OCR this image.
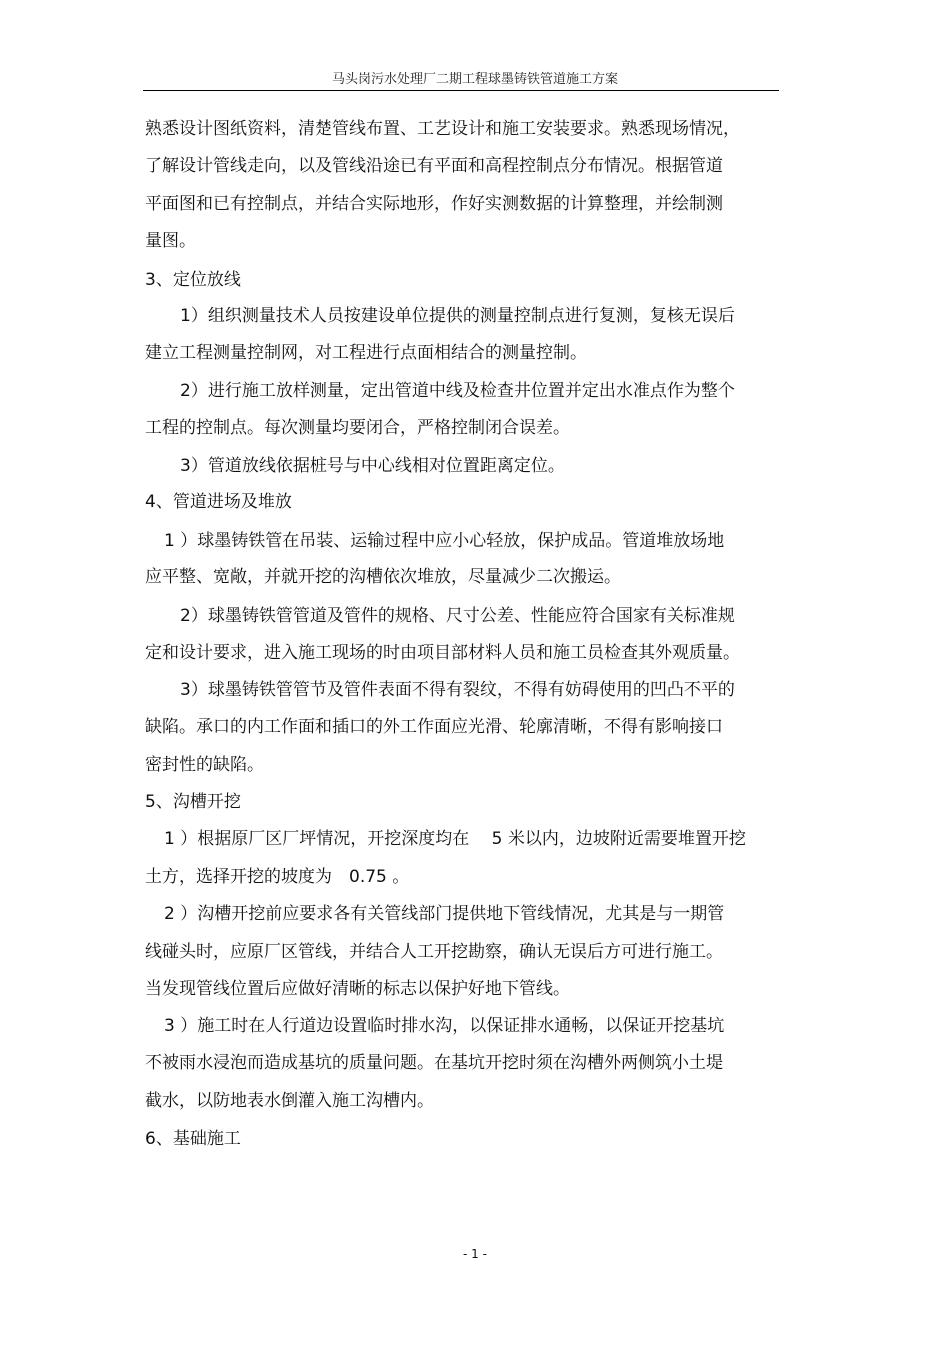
马头岗污水处理厂二期工程球墨铸铁管道施工方案
熟悉设计图纸资料，清楚管线布置、工艺设计和施工安装要求。熟悉现场情况，
了解设计管线走向，以及管线沿途已有平面和高程控制点分布情况。根据管道
平面图和已有控制点，并结合实际地形，作好实测数据的计算整理，并绘制测
量图。
3、定位放线
1）组织测量技术人员按建设单位提供的测量控制点进行复测，复核无误后
建立工程测量控制网，对工程进行点面相结合的测量控制。
2）进行施工放样测量，定出管道中线及检查井位置并定出水准点作为整个
工程的控制点。每次测量均要闭合，严格控制闭合误差。
3）管道放线依据桩号与中心线相对位置距离定位。
4、管道进场及堆放
1 ）球墨铸铁管在吊装、运输过程中应小心轻放，保护成品。管道堆放场地
应平整、宽敞，并就开挖的沟槽依次堆放，尽量减少二次搬运。
2）球墨铸铁管管道及管件的规格、尺寸公差、性能应符合国家有关标准规
定和设计要求，进入施工现场的时由项目部材料人员和施工员检查其外观质量。
3）球墨铸铁管管节及管件表面不得有裂纹，不得有妨碍使用的凹凸不平的
缺陷。承口的内工作面和插口的外工作面应光滑、轮廓清晰，不得有影响接口
密封性的缺陷。
5、沟槽开挖
1 ）根据原厂区厂坪情况，开挖深度均在　 5 米以内，边坡附近需要堆置开挖
土方，选择开挖的坡度为　0.75 。
2 ）沟槽开挖前应要求各有关管线部门提供地下管线情况，尤其是与一期管
线碰头时，应原厂区管线，并结合人工开挖勘察，确认无误后方可进行施工。
当发现管线位置后应做好清晰的标志以保护好地下管线。
3 ）施工时在人行道边设置临时排水沟，以保证排水通畅，以保证开挖基坑
不被雨水浸泡而造成基坑的质量问题。在基坑开挖时须在沟槽外两侧筑小土堤
截水，以防地表水倒灌入施工沟槽内。
6、基础施工
- 1 -
